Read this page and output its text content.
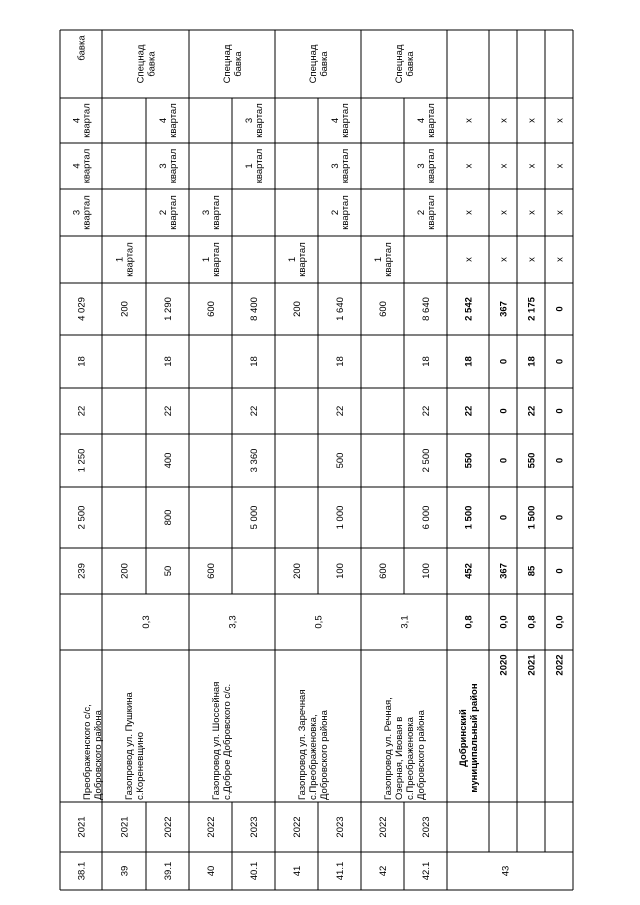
38.1
2021
239
2 500
1 250
22
18
4 029
3 квартал
4 квартал
4 квартал
Преображенского с/с, Добровского района
бавка
39
2021
200
200
1 квартал
39.1
2022
50
800
400
22
18
1 290
2 квартал
3 квартал
4 квартал
40
2022
600
600
1 квартал
3 квартал
40.1
2023
5 000
3 360
22
18
8 400
1 квартал
3 квартал
41
2022
200
200
1 квартал
41.1
2023
100
1 000
500
22
18
1 640
2 квартал
3 квартал
4 квартал
42
2022
600
600
1 квартал
42.1
2023
100
6 000
2 500
22
18
8 640
2 квартал
3 квартал
4 квартал
Газопровод ул. Пушкина с.Кореневщино
0,3
Спецнад бавка
Газопровод ул. Шоссейная с.Доброе Добровского с/с.
3,3
Спецнад бавка
Газопровод ул. Заречная с.Преображеновка, Добровского района
0,5
Спецнад бавка
Газопровод ул. Речная, Озерная, Ивовая в с.Преображеновка Добровского района
3,1
Спецнад бавка
43
Добринский муниципальный район
0,8
452
1 500
550
22
18
2 542
х
х
х
х
2020
0,0
367
0
0
0
0
367
х
х
х
х
2021
0,8
85
1 500
550
22
18
2 175
х
х
х
х
2022
0,0
0
0
0
0
0
0
х
х
х
х
